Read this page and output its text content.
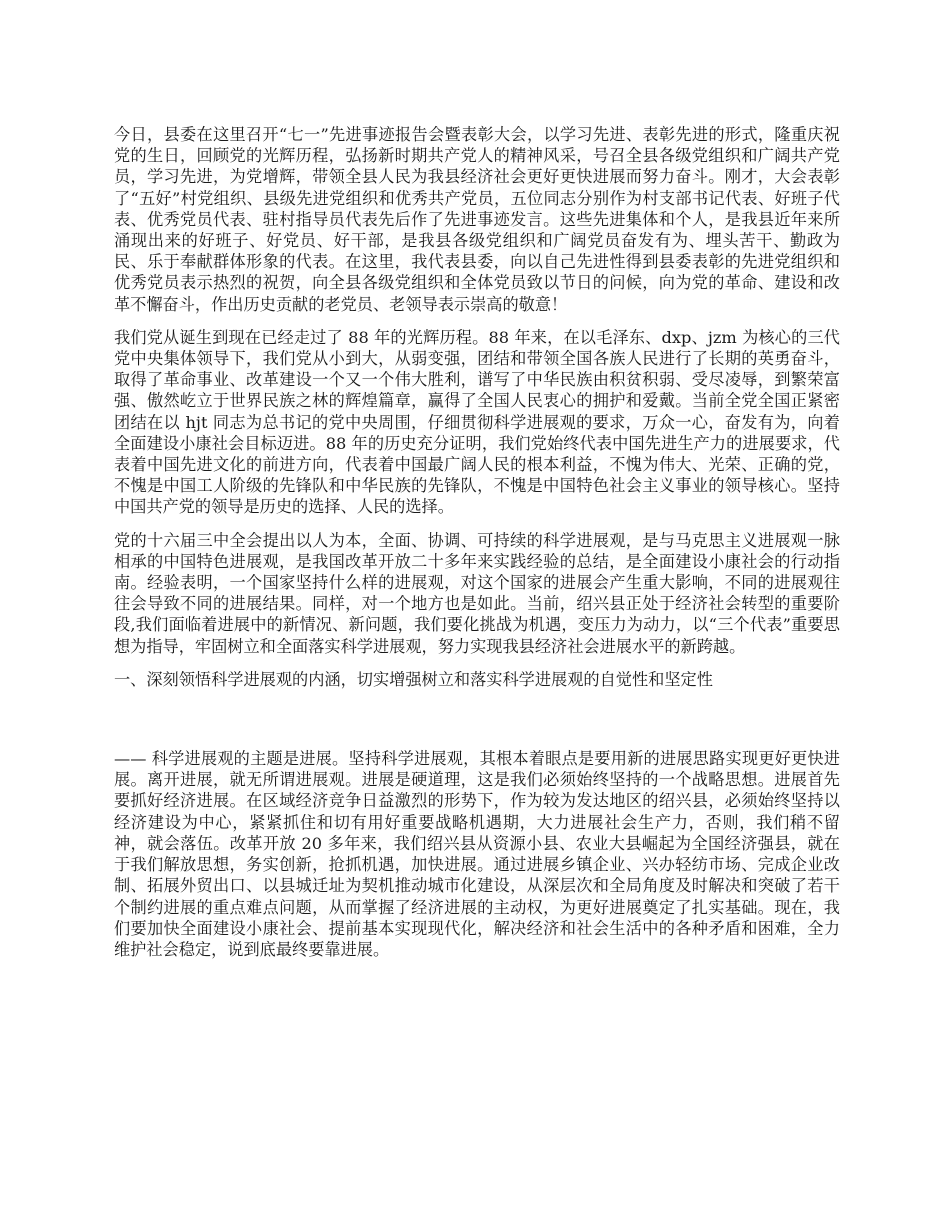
今日，县委在这里召开“七一”先进事迹报告会暨表彰大会，以学习先进、表彰先进的形式，隆重庆祝党的生日，回顾党的光辉历程，弘扬新时期共产党人的精神风采，号召全县各级党组织和广阔共产党员，学习先进，为党增辉，带领全县人民为我县经济社会更好更快进展而努力奋斗。刚才，大会表彰了“五好”村党组织、县级先进党组织和优秀共产党员，五位同志分别作为村支部书记代表、好班子代表、优秀党员代表、驻村指导员代表先后作了先进事迹发言。这些先进集体和个人，是我县近年来所涌现出来的好班子、好党员、好干部，是我县各级党组织和广阔党员奋发有为、埋头苦干、勤政为民、乐于奉献群体形象的代表。在这里，我代表县委，向以自己先进性得到县委表彰的先进党组织和优秀党员表示热烈的祝贺，向全县各级党组织和全体党员致以节日的问候，向为党的革命、建设和改革不懈奋斗，作出历史贡献的老党员、老领导表示崇高的敬意！

我们党从诞生到现在已经走过了 88 年的光辉历程。88 年来，在以毛泽东、dxp、jzm 为核心的三代党中央集体领导下，我们党从小到大，从弱变强，团结和带领全国各族人民进行了长期的英勇奋斗，取得了革命事业、改革建设一个又一个伟大胜利，谱写了中华民族由积贫积弱、受尽凌辱，到繁荣富强、傲然屹立于世界民族之林的辉煌篇章，赢得了全国人民衷心的拥护和爱戴。当前全党全国正紧密团结在以 hjt 同志为总书记的党中央周围，仔细贯彻科学进展观的要求，万众一心，奋发有为，向着全面建设小康社会目标迈进。88 年的历史充分证明，我们党始终代表中国先进生产力的进展要求，代表着中国先进文化的前进方向，代表着中国最广阔人民的根本利益，不愧为伟大、光荣、正确的党，不愧是中国工人阶级的先锋队和中华民族的先锋队，不愧是中国特色社会主义事业的领导核心。坚持中国共产党的领导是历史的选择、人民的选择。

党的十六届三中全会提出以人为本，全面、协调、可持续的科学进展观，是与马克思主义进展观一脉相承的中国特色进展观，是我国改革开放二十多年来实践经验的总结，是全面建设小康社会的行动指南。经验表明，一个国家坚持什么样的进展观，对这个国家的进展会产生重大影响，不同的进展观往往会导致不同的进展结果。同样，对一个地方也是如此。当前，绍兴县正处于经济社会转型的重要阶段,我们面临着进展中的新情况、新问题，我们要化挑战为机遇，变压力为动力，以“三个代表”重要思想为指导，牢固树立和全面落实科学进展观，努力实现我县经济社会进展水平的新跨越。

一、深刻领悟科学进展观的内涵，切实增强树立和落实科学进展观的自觉性和坚定性

—— 科学进展观的主题是进展。坚持科学进展观，其根本着眼点是要用新的进展思路实现更好更快进展。离开进展，就无所谓进展观。进展是硬道理，这是我们必须始终坚持的一个战略思想。进展首先要抓好经济进展。在区域经济竞争日益激烈的形势下，作为较为发达地区的绍兴县，必须始终坚持以经济建设为中心，紧紧抓住和切有用好重要战略机遇期，大力进展社会生产力，否则，我们稍不留神，就会落伍。改革开放 20 多年来，我们绍兴县从资源小县、农业大县崛起为全国经济强县，就在于我们解放思想，务实创新，抢抓机遇，加快进展。通过进展乡镇企业、兴办轻纺市场、完成企业改制、拓展外贸出口、以县城迁址为契机推动城市化建设，从深层次和全局角度及时解决和突破了若干个制约进展的重点难点问题，从而掌握了经济进展的主动权，为更好进展奠定了扎实基础。现在，我们要加快全面建设小康社会、提前基本实现现代化，解决经济和社会生活中的各种矛盾和困难，全力维护社会稳定，说到底最终要靠进展。
